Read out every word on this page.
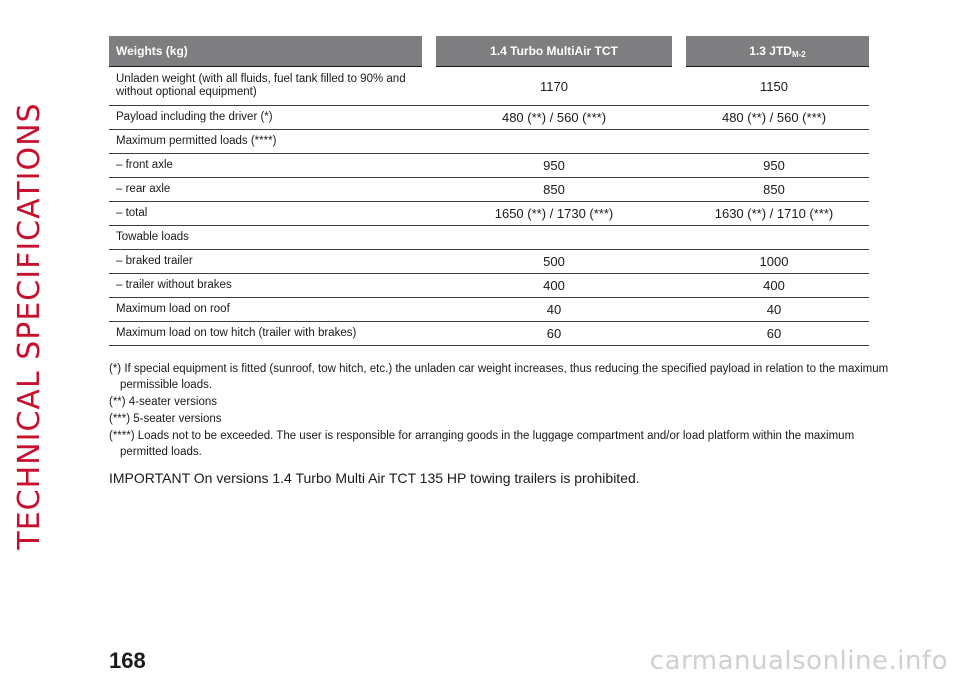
TECHNICAL SPECIFICATIONS
Weights (kg)	1.4 Turbo MultiAir TCT	1.3 $JTD_{M-2}$
Unladen weight (with all fluids, fuel tank filled to 90% and without optional equipment)	1170	1150
Payload including the driver (*)	480 (**) / 560 (***)	480 (**) / 560 (***)
Maximum permitted loads (****)		
– front axle	950	950
– rear axle	850	850
– total	1650 (**) / 1730 (***)	1630 (**) / 1710 (***)
Towable loads		
– braked trailer	500	1000
– trailer without brakes	400	400
Maximum load on roof	40	40
Maximum load on tow hitch (trailer with brakes)	60	60
(*) If special equipment is fitted (sunroof, tow hitch, etc.) the unladen car weight increases, thus reducing the specified payload in relation to the maximum permissible loads.
(**) 4-seater versions
(***) 5-seater versions
(****) Loads not to be exceeded. The user is responsible for arranging goods in the luggage compartment and/or load platform within the maximum permitted loads.
IMPORTANT On versions 1.4 Turbo Multi Air TCT 135 HP towing trailers is prohibited.
168	carmanualsonline.info
